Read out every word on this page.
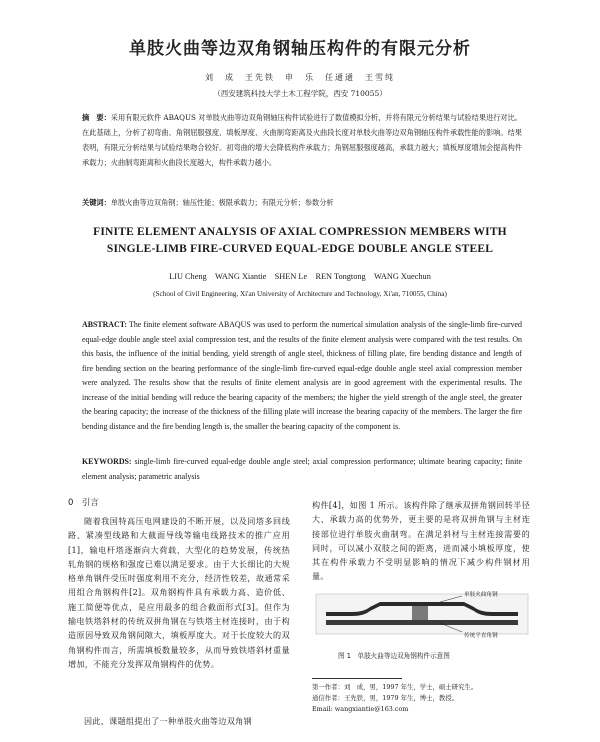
单肢火曲等边双角钢轴压构件的有限元分析
刘　成　王先铁　申　乐　任通通　王雪纯
（西安建筑科技大学土木工程学院，西安 710055）
摘　要：采用有限元软件 ABAQUS 对单肢火曲等边双角钢轴压构件试验进行了数值模拟分析，并将有限元分析结果与试验结果进行对比。在此基础上，分析了初弯曲、角钢屈服强度、填板厚度、火曲制弯距离及火曲段长度对单肢火曲等边双角钢轴压构件承载性能的影响。结果表明，有限元分析结果与试验结果吻合较好。初弯曲的增大会降低构件承载力；角钢屈服强度越高，承载力越大；填板厚度增加会提高构件承载力；火曲制弯距离和火曲段长度越大，构件承载力越小。
关键词：单肢火曲等边双角钢；轴压性能；极限承载力；有限元分析；参数分析
FINITE ELEMENT ANALYSIS OF AXIAL COMPRESSION MEMBERS WITH
SINGLE-LIMB FIRE-CURVED EQUAL-EDGE DOUBLE ANGLE STEEL
LIU Cheng　WANG Xiantie　SHEN Le　REN Tongtong　WANG Xuechun
(School of Civil Engineering, Xi'an University of Architecture and Technology, Xi'an, 710055, China)
ABSTRACT: The finite element software ABAQUS was used to perform the numerical simulation analysis of the single-limb fire-curved equal-edge double angle steel axial compression test, and the results of the finite element analysis were compared with the test results. On this basis, the influence of the initial bending, yield strength of angle steel, thickness of filling plate, fire bending distance and length of fire bending section on the bearing performance of the single-limb fire-curved equal-edge double angle steel axial compression member were analyzed. The results show that the results of finite element analysis are in good agreement with the experimental results. The increase of the initial bending will reduce the bearing capacity of the members; the higher the yield strength of the angle steel, the greater the bearing capacity; the increase of the thickness of the filling plate will increase the bearing capacity of the members. The larger the fire bending distance and the fire bending length is, the smaller the bearing capacity of the component is.
KEYWORDS: single-limb fire-curved equal-edge double angle steel; axial compression performance; ultimate bearing capacity; finite element analysis; parametric analysis
0　引言
随着我国特高压电网建设的不断开展，以及同塔多回线路、紧凑型线路和大截面导线等输电线路技术的推广应用[1]，输电杆塔逐渐向大荷载、大型化的趋势发展，传统热轧角钢的规格和强度已难以满足要求。由于大长细比的大规格单角钢件受压时强度利用不充分，经济性较差，故通常采用组合角钢构件[2]。双角钢构件具有承载力高、造价低、施工简便等优点，是应用最多的组合截面形式[3]。但作为输电铁塔斜材的传统双拼角钢在与铁塔主材连接时，由于构造原因导致双角钢间隙大，填板厚度大。对于长度较大的双角钢构件而言，所需填板数量较多，从而导致铁塔斜材重量增加，不能充分发挥双角钢构件的优势。
因此，课题组提出了一种单肢火曲等边双角钢
构件[4]，如图 1 所示。该构件除了继承双拼角钢回转半径大、承载力高的优势外，更主要的是将双拼角钢与主材连接部位进行单肢火曲制弯。在满足斜材与主材连接需要的同时，可以减小双肢之间的距离，进而减小填板厚度，使其在构件承载力不受明显影响的情况下减少构件钢材用量。
单肢火曲角钢
传统平直角钢
图 1　单肢火曲等边双角钢构件示意图
第一作者：刘　成，男，1997 年生，学士，硕士研究生。
通信作者：王先铁，男，1979 年生，博士，教授。
Email: wangxiantie@163.com
